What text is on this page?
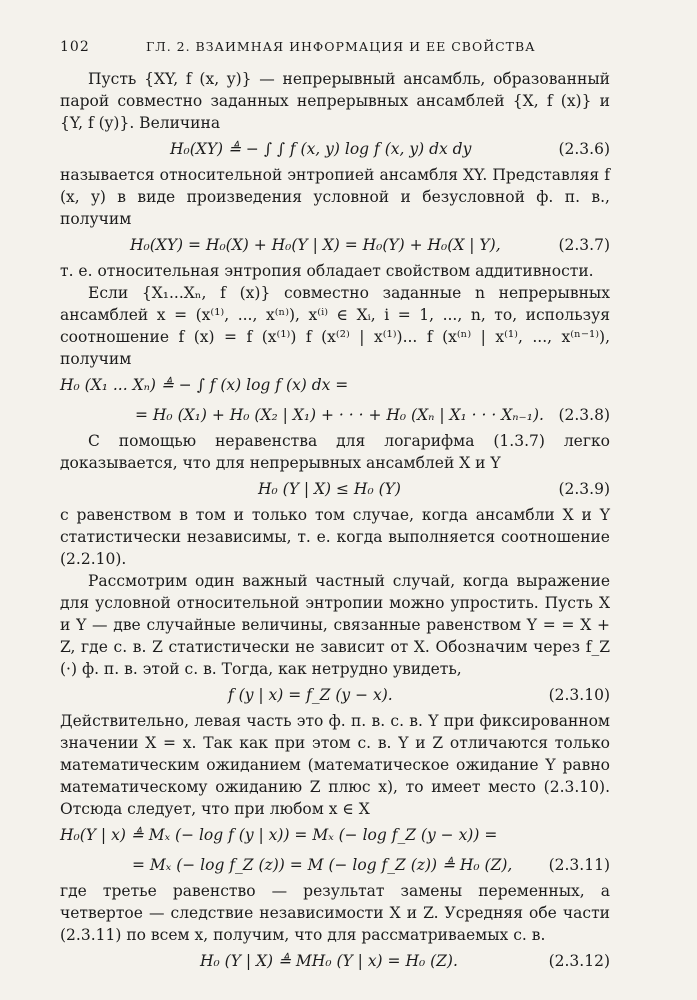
102	ГЛ. 2. ВЗАИМНАЯ ИНФОРМАЦИЯ И ЕЕ СВОЙСТВА

Пусть {XY, f (x, y)} — непрерывный ансамбль, образованный парой совместно заданных непрерывных ансамблей {X, f (x)} и {Y, f (y)}. Величина

H₀(XY) ≜ − ∫ ∫ f (x, y) log f (x, y) dx dy	(2.3.6)

называется относительной энтропией ансамбля XY. Представляя f (x, y) в виде произведения условной и безусловной ф. п. в., получим

H₀(XY) = H₀(X) + H₀(Y | X) = H₀(Y) + H₀(X | Y),	(2.3.7)

т. е. относительная энтропия обладает свойством аддитивности.

Если {X₁...Xₙ, f (x)} совместно заданные n непрерывных ансамблей x = (x⁽¹⁾, ..., x⁽ⁿ⁾), x⁽ⁱ⁾ ∈ Xᵢ, i = 1, ..., n, то, используя соотношение f (x) = f (x⁽¹⁾) f (x⁽²⁾ | x⁽¹⁾)... f (x⁽ⁿ⁾ | x⁽¹⁾, ..., x⁽ⁿ⁻¹⁾), получим

H₀ (X₁ ... Xₙ) ≜ − ∫ f (x) log f (x) dx =
= H₀ (X₁) + H₀ (X₂ | X₁) + · · · + H₀ (Xₙ | X₁ · · · Xₙ₋₁). (2.3.8)

С помощью неравенства для логарифма (1.3.7) легко доказывается, что для непрерывных ансамблей X и Y

H₀ (Y | X) ≤ H₀ (Y)	(2.3.9)

с равенством в том и только том случае, когда ансамбли X и Y статистически независимы, т. е. когда выполняется соотношение (2.2.10).

Рассмотрим один важный частный случай, когда выражение для условной относительной энтропии можно упростить. Пусть X и Y — две случайные величины, связанные равенством Y = = X + Z, где с. в. Z статистически не зависит от X. Обозначим через f_Z (·) ф. п. в. этой с. в. Тогда, как нетрудно увидеть,

f (y | x) = f_Z (y − x).	(2.3.10)

Действительно, левая часть это ф. п. в. с. в. Y при фиксированном значении X = x. Так как при этом с. в. Y и Z отличаются только математическим ожиданием (математическое ожидание Y равно математическому ожиданию Z плюс x), то имеет место (2.3.10). Отсюда следует, что при любом x ∈ X

H₀(Y | x) ≜ Mₓ (− log f (y | x)) = Mₓ (− log f_Z (y − x)) =
= Mₓ (− log f_Z (z)) = M (− log f_Z (z)) ≜ H₀ (Z), (2.3.11)

где третье равенство — результат замены переменных, а четвертое — следствие независимости X и Z. Усредняя обе части (2.3.11) по всем x, получим, что для рассматриваемых с. в.

H₀ (Y | X) ≜ MH₀ (Y | x) = H₀ (Z).	(2.3.12)
